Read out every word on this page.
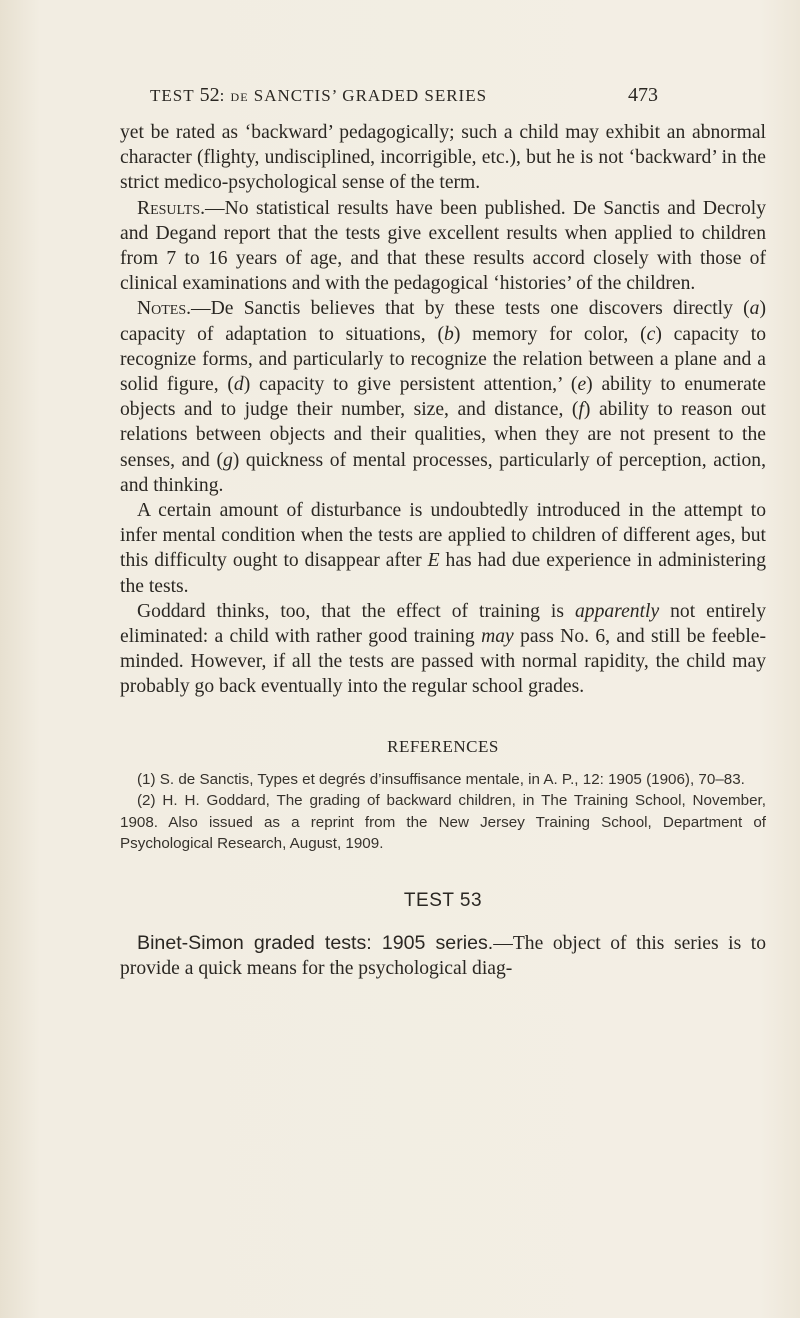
TEST 52: de SANCTIS’ GRADED SERIES	473

yet be rated as ‘backward’ pedagogically; such a child may exhibit an abnormal character (flighty, undisciplined, incorrigible, etc.), but he is not ‘backward’ in the strict medico-psychological sense of the term.

Results.—No statistical results have been published. De Sanctis and Decroly and Degand report that the tests give excellent results when applied to children from 7 to 16 years of age, and that these results accord closely with those of clinical examinations and with the pedagogical ‘histories’ of the children.

Notes.—De Sanctis believes that by these tests one discovers directly (a) capacity of adaptation to situations, (b) memory for color, (c) capacity to recognize forms, and particularly to recognize the relation between a plane and a solid figure, (d) capacity to give persistent attention,’ (e) ability to enumerate objects and to judge their number, size, and distance, (f) ability to reason out relations between objects and their qualities, when they are not present to the senses, and (g) quickness of mental processes, particularly of perception, action, and thinking.

A certain amount of disturbance is undoubtedly introduced in the attempt to infer mental condition when the tests are applied to children of different ages, but this difficulty ought to disappear after E has had due experience in administering the tests.

Goddard thinks, too, that the effect of training is apparently not entirely eliminated: a child with rather good training may pass No. 6, and still be feeble-minded. However, if all the tests are passed with normal rapidity, the child may probably go back eventually into the regular school grades.

REFERENCES

(1) S. de Sanctis, Types et degrés d’insuffisance mentale, in A. P., 12: 1905 (1906), 70–83.

(2) H. H. Goddard, The grading of backward children, in The Training School, November, 1908. Also issued as a reprint from the New Jersey Training School, Department of Psychological Research, August, 1909.

TEST 53

Binet-Simon graded tests: 1905 series.—The object of this series is to provide a quick means for the psychological diag-
